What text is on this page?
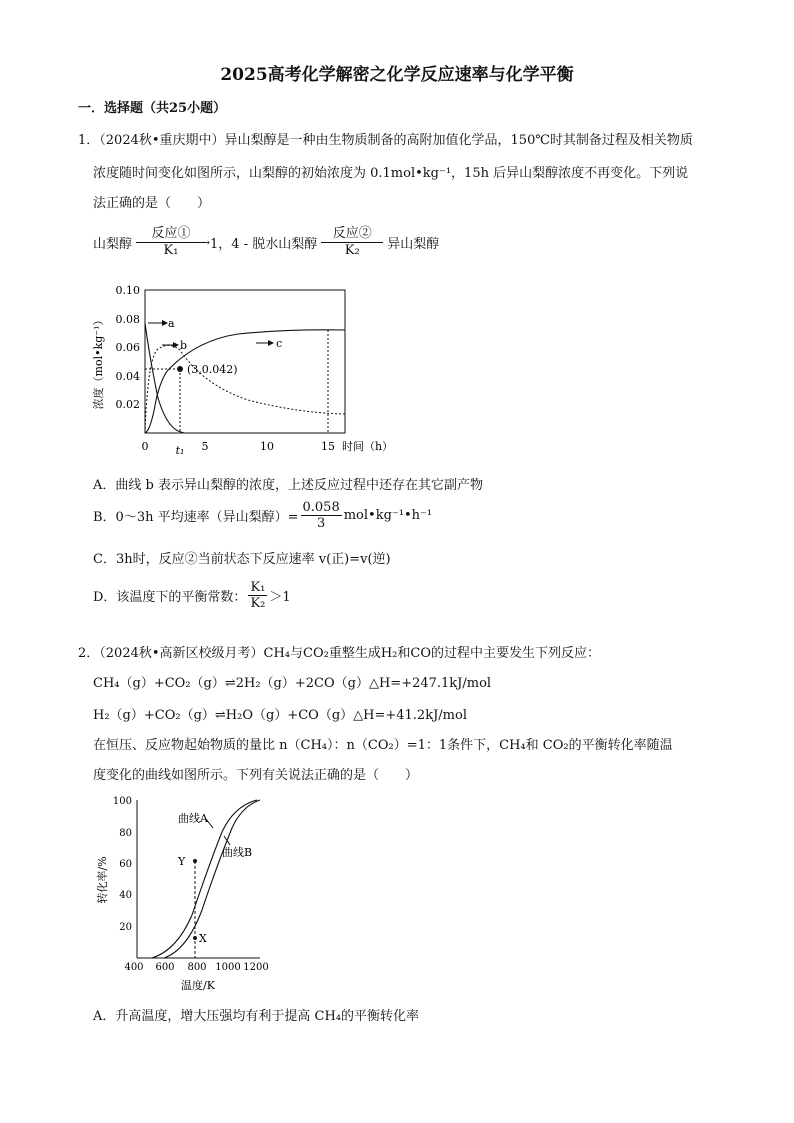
2025高考化学解密之化学反应速率与化学平衡
一．选择题（共25小题）
1．（2024秋•重庆期中）异山梨醇是一种由生物质制备的高附加值化学品，150℃时其制备过程及相关物质
浓度随时间变化如图所示，山梨醇的初始浓度为 0.1mol•kg⁻¹，15h 后异山梨醇浓度不再变化。下列说
法正确的是（　　）
山梨醇
反应①
→
K₁	1，4 - 脱水山梨醇 $\frac{\text{反应②}}{\text{K₂}}$ 异山梨醇
0.10
0.08
0.06
0.04
0.02
浓度（mol•kg⁻¹）
0	5	10	15
t₁	时间（h）
(3,0.042)
a
b	c
A．曲线 b 表示异山梨醇的浓度，上述反应过程中还存在其它副产物
B．0～3h 平均速率（异山梨醇）= $\frac{0.058}{3}$ mol•kg⁻¹•h⁻¹
C．3h时，反应②当前状态下反应速率 v(正)=v(逆)
D．该温度下的平衡常数： $\frac{\text{K₁}}{\text{K₂}} >1$
2．（2024秋•高新区校级月考）CH₄与CO₂重整生成H₂和CO的过程中主要发生下列反应：
CH₄（g）+CO₂（g）⇌2H₂（g）+2CO（g）△H=+247.1kJ/mol
H₂（g）+CO₂（g）⇌H₂O（g）+CO（g）△H=+41.2kJ/mol
在恒压、反应物起始物质的量比 n（CH₄）：n（CO₂）=1：1条件下，CH₄和 CO₂的平衡转化率随温
度变化的曲线如图所示。下列有关说法正确的是（　　）
100
80
60
40
20
转化率/%
400 600 800 1000 1200
温度/K
Y
X
曲线A
曲线B
A．升高温度，增大压强均有利于提高 CH₄的平衡转化率
